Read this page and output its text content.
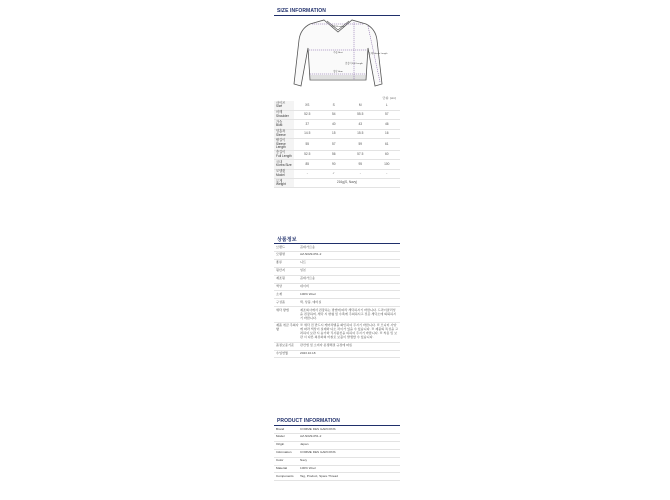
SIZE INFORMATION
어깨 Shoulder
가슴 Bust	소매 Sleeve Length
밑단 Hem
총길이 Full Length
단위: (cm)
사이즈
Size	XS	S	M	L

어깨
Shoulder	52.5	54	55.5	57

가슴
Bust	37	40	43	46

암홀폭
Sleeve	14.5	15	15.5	16

팔길이
Sleeve Length	55	57	59	61

총길이
Full Length	52.5	56	57.5	60

국내
Korea Size	85	90	95	100

모델컷
Model	-	✓	-	-

무게
Weight	216g(S, Navy)			
상품정보
브랜드	꼼데가르송
모델명	AZ-N029-051-2
종류	니트
원산지	일본
제조원	꼼데가르송
색상	네이비
소재	100% Wool
구성품	택, 상품, 예비실
세탁 방법	제조회사에서 권장하는 방법에 따라 세탁하시기 바랍니다. 드라이클리닝을 권장하며, 세탁 시 변형 및 수축에 주의하시고 전문 세탁소에 의뢰하시기 바랍니다.
제품 취급 주의사항	※ 세탁 전 반드시 케어라벨을 확인하여 주시기 바랍니다. ※ 모니터 사양에 따라 색상이 실제와 다소 차이가 있을 수 있습니다. ※ 제품의 특성을 고려하여 보관 시 습기와 직사광선을 피하여 주시기 바랍니다. ※ 착용 및 보관 시 다른 의류와의 마찰로 보풀이 발생할 수 있습니다.
품질보증기준	관련법 및 소비자 분쟁해결 규정에 따름
수입연월	2023.10.18
PRODUCT INFORMATION
Brand	COMME DES GARCONS
Model	AZ-N029-051-2
Origin	Japan
Information	COMME DES GARCONS
Color	Navy
Material	100% Wool
Components	Tag, Product, Spare Thread
